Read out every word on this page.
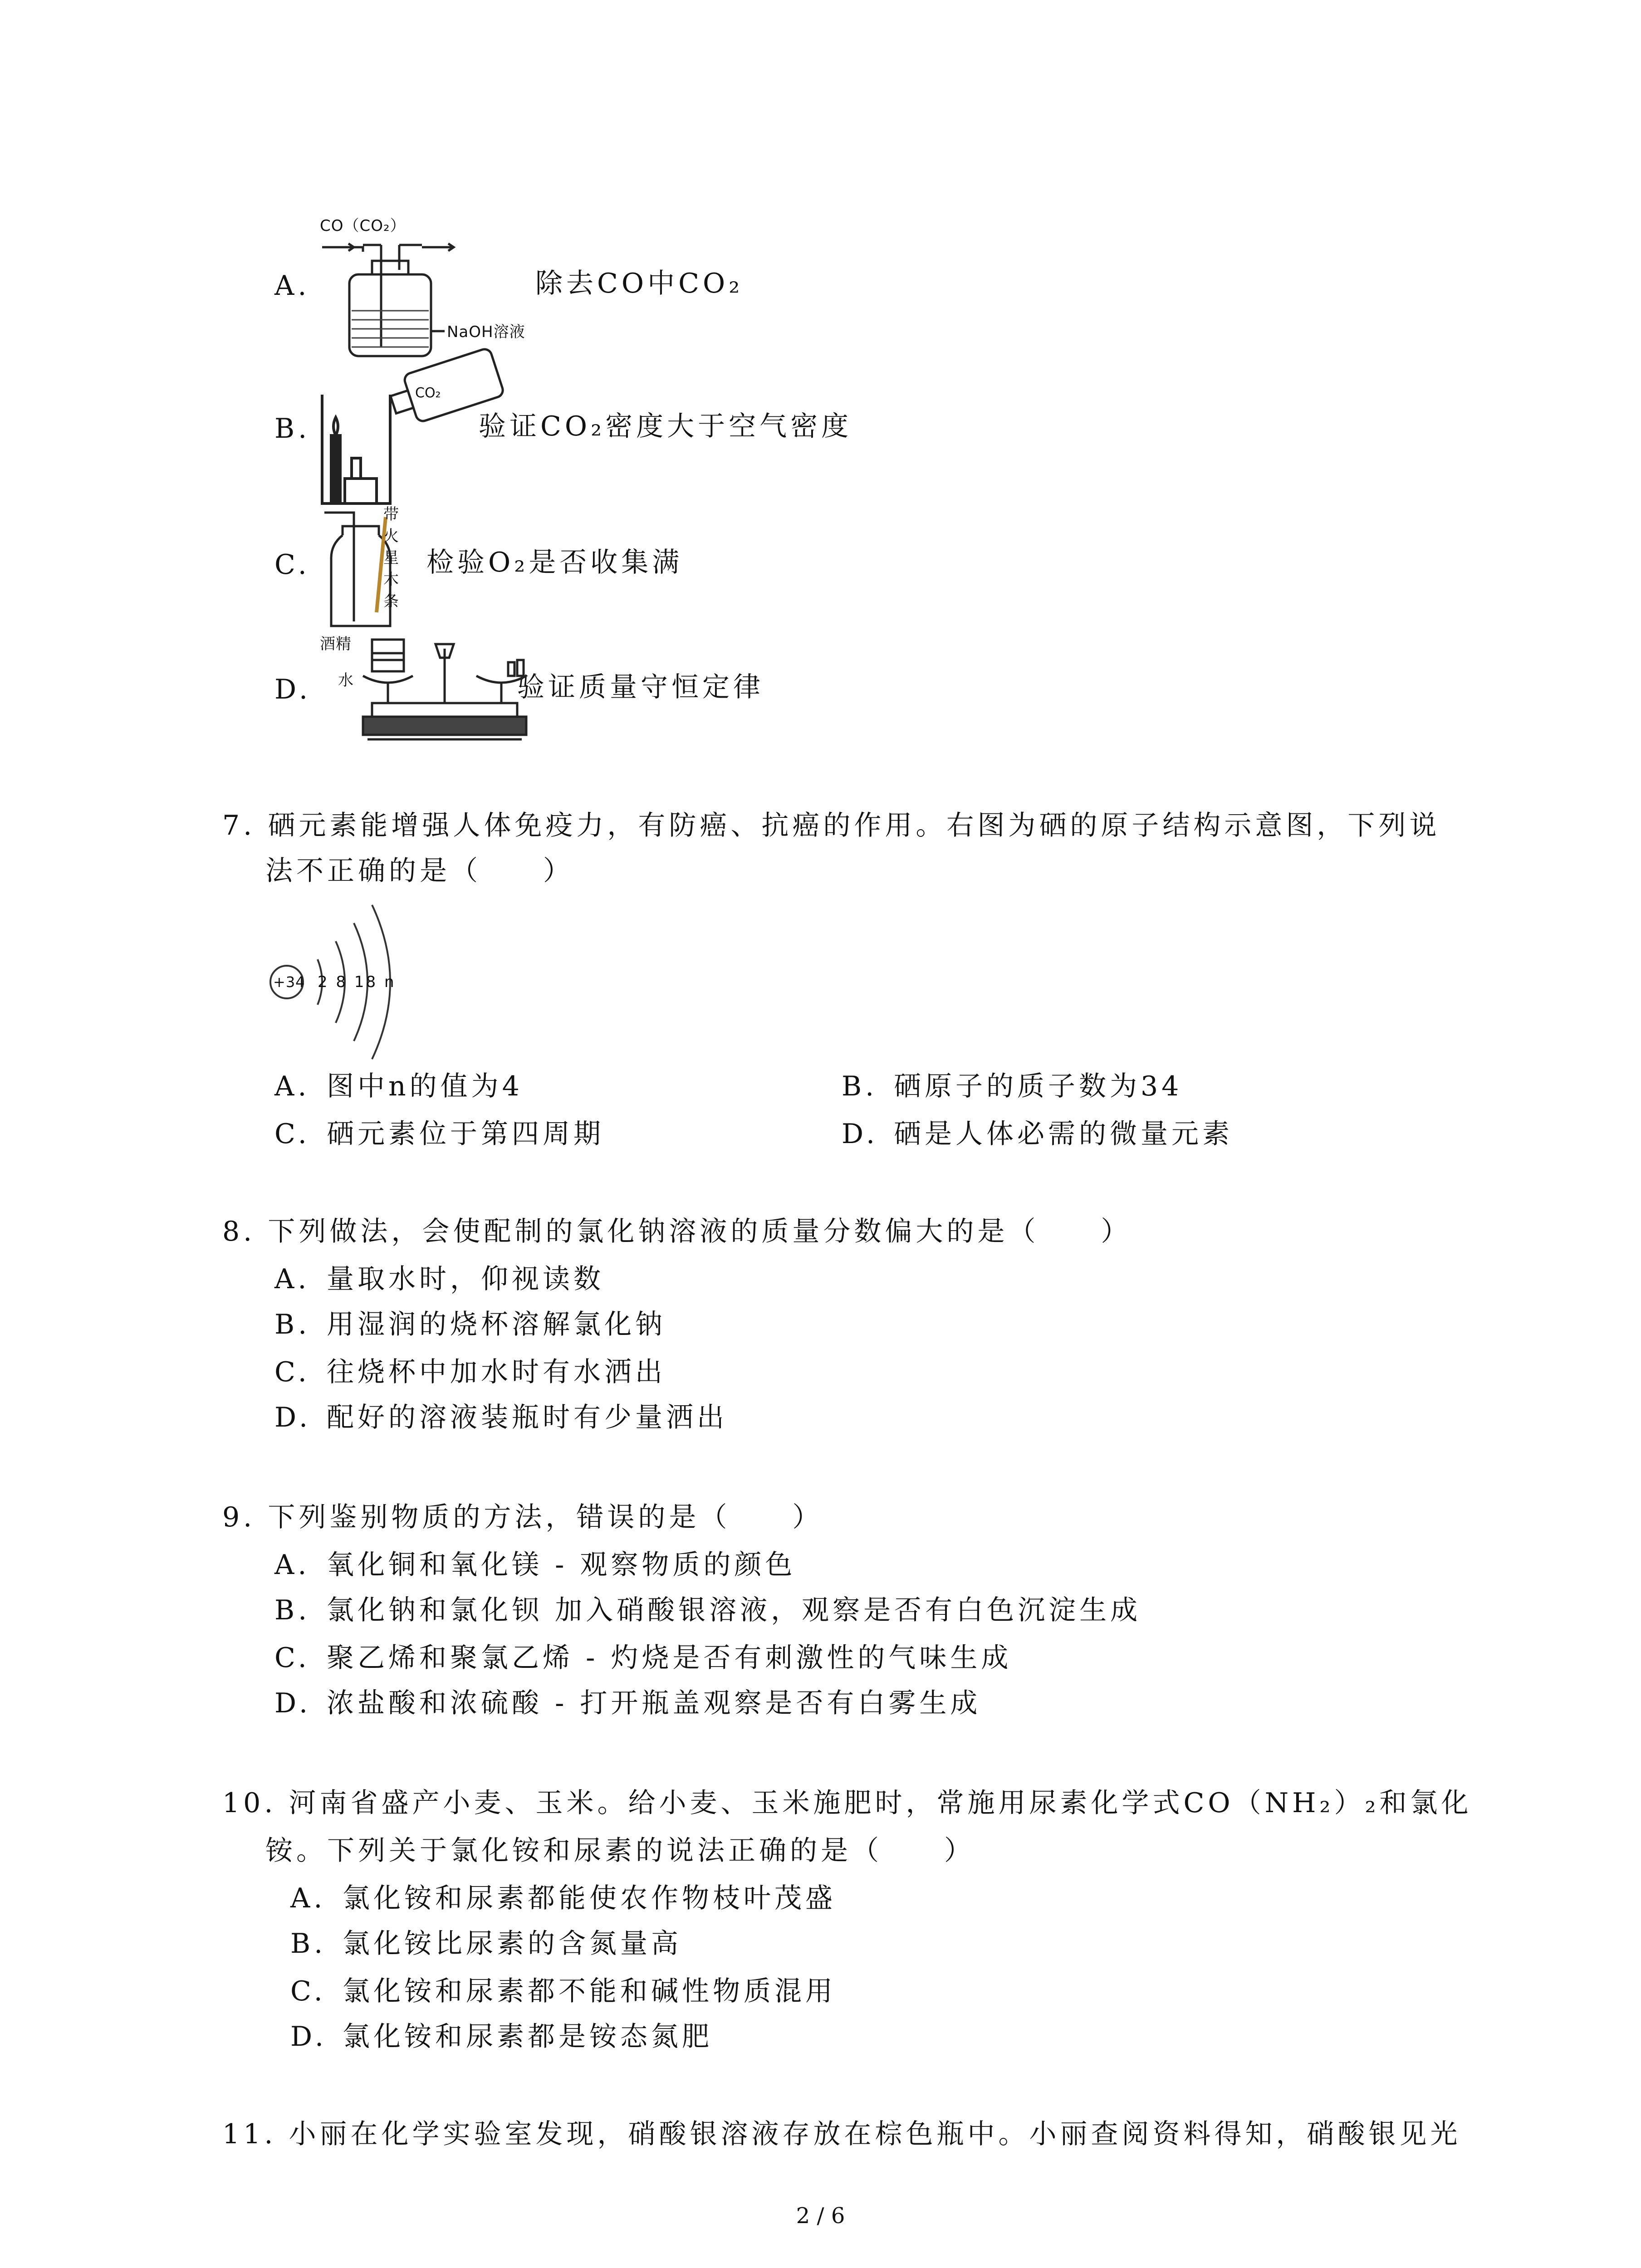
A.	除去CO中CO₂
CO（CO₂）
NaOH溶液
B.	验证CO₂密度大于空气密度
CO₂
C.	检验O₂是否收集满
带
火
星
木
条
D.	验证质量守恒定律
酒精
水
7. 硒元素能增强人体免疫力，有防癌、抗癌的作用。右图为硒的原子结构示意图，下列说
法不正确的是（　　）
+34 2 8 18 n
A. 图中n的值为4	B. 硒原子的质子数为34
C. 硒元素位于第四周期	D. 硒是人体必需的微量元素
8. 下列做法，会使配制的氯化钠溶液的质量分数偏大的是（　　）
A. 量取水时，仰视读数
B. 用湿润的烧杯溶解氯化钠
C. 往烧杯中加水时有水洒出
D. 配好的溶液装瓶时有少量洒出
9. 下列鉴别物质的方法，错误的是（　　）
A. 氧化铜和氧化镁 - 观察物质的颜色
B. 氯化钠和氯化钡 加入硝酸银溶液，观察是否有白色沉淀生成
C. 聚乙烯和聚氯乙烯 - 灼烧是否有刺激性的气味生成
D. 浓盐酸和浓硫酸 - 打开瓶盖观察是否有白雾生成
10. 河南省盛产小麦、玉米。给小麦、玉米施肥时，常施用尿素化学式CO（NH₂）₂和氯化
铵。下列关于氯化铵和尿素的说法正确的是（　　）
A. 氯化铵和尿素都能使农作物枝叶茂盛
B. 氯化铵比尿素的含氮量高
C. 氯化铵和尿素都不能和碱性物质混用
D. 氯化铵和尿素都是铵态氮肥
11. 小丽在化学实验室发现，硝酸银溶液存放在棕色瓶中。小丽查阅资料得知，硝酸银见光
2 / 6
